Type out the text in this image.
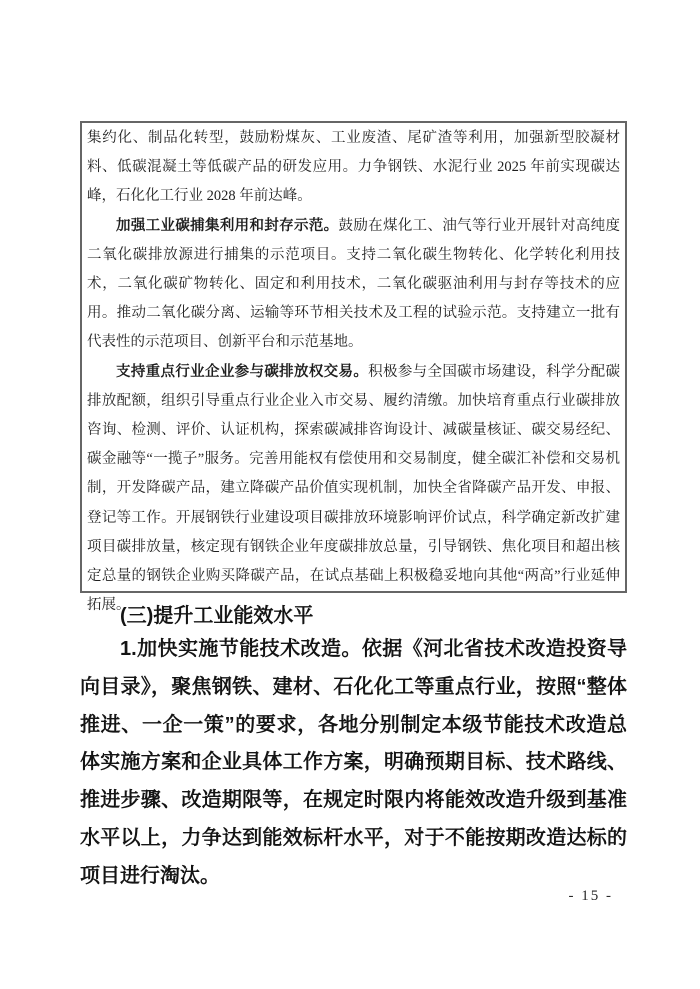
集约化、制品化转型，鼓励粉煤灰、工业废渣、尾矿渣等利用，加强新型胶凝材料、低碳混凝土等低碳产品的研发应用。力争钢铁、水泥行业 2025 年前实现碳达峰，石化化工行业 2028 年前达峰。

加强工业碳捕集利用和封存示范。鼓励在煤化工、油气等行业开展针对高纯度二氧化碳排放源进行捕集的示范项目。支持二氧化碳生物转化、化学转化利用技术，二氧化碳矿物转化、固定和利用技术，二氧化碳驱油利用与封存等技术的应用。推动二氧化碳分离、运输等环节相关技术及工程的试验示范。支持建立一批有代表性的示范项目、创新平台和示范基地。

支持重点行业企业参与碳排放权交易。积极参与全国碳市场建设，科学分配碳排放配额，组织引导重点行业企业入市交易、履约清缴。加快培育重点行业碳排放咨询、检测、评价、认证机构，探索碳减排咨询设计、减碳量核证、碳交易经纪、碳金融等“一揽子”服务。完善用能权有偿使用和交易制度，健全碳汇补偿和交易机制，开发降碳产品，建立降碳产品价值实现机制，加快全省降碳产品开发、申报、登记等工作。开展钢铁行业建设项目碳排放环境影响评价试点，科学确定新改扩建项目碳排放量，核定现有钢铁企业年度碳排放总量，引导钢铁、焦化项目和超出核定总量的钢铁企业购买降碳产品，在试点基础上积极稳妥地向其他“两高”行业延伸拓展。

(三)提升工业能效水平

1.加快实施节能技术改造。依据《河北省技术改造投资导向目录》，聚焦钢铁、建材、石化化工等重点行业，按照“整体推进、一企一策”的要求，各地分别制定本级节能技术改造总体实施方案和企业具体工作方案，明确预期目标、技术路线、推进步骤、改造期限等，在规定时限内将能效改造升级到基准水平以上，力争达到能效标杆水平，对于不能按期改造达标的项目进行淘汰。

- 15 -
